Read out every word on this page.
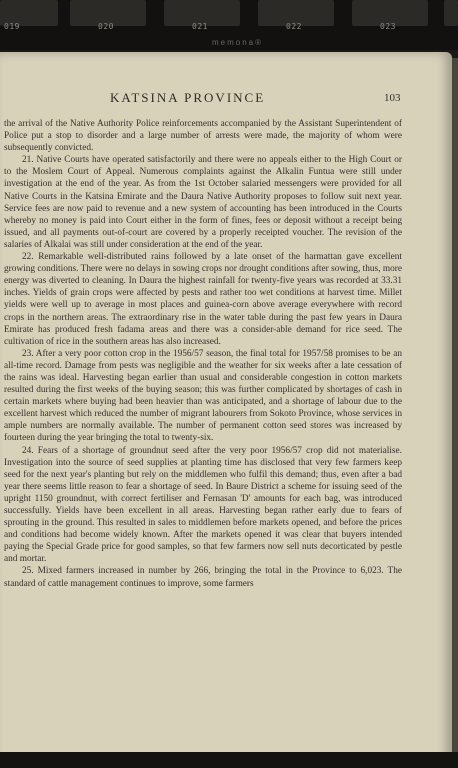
019	020	021	022	023
memona®
KATSINA PROVINCE	103

the arrival of the Native Authority Police reinforcements accompanied by the Assistant Superintendent of Police put a stop to disorder and a large number of arrests were made, the majority of whom were subsequently convicted.

21. Native Courts have operated satisfactorily and there were no appeals either to the High Court or to the Moslem Court of Appeal. Numerous complaints against the Alkalin Funtua were still under investigation at the end of the year. As from the 1st October salaried messengers were provided for all Native Courts in the Katsina Emirate and the Daura Native Authority proposes to follow suit next year. Service fees are now paid to revenue and a new system of accounting has been introduced in the Courts whereby no money is paid into Court either in the form of fines, fees or deposit without a receipt being issued, and all payments out-of-court are covered by a properly receipted voucher. The revision of the salaries of Alkalai was still under consideration at the end of the year.

22. Remarkable well-distributed rains followed by a late onset of the harmattan gave excellent growing conditions. There were no delays in sowing crops nor drought conditions after sowing, thus, more energy was diverted to cleaning. In Daura the highest rainfall for twenty-five years was recorded at 33.31 inches. Yields of grain crops were affected by pests and rather too wet conditions at harvest time. Millet yields were well up to average in most places and guinea-corn above average everywhere with record crops in the northern areas. The extraordinary rise in the water table during the past few years in Daura Emirate has produced fresh fadama areas and there was a consider-able demand for rice seed. The cultivation of rice in the southern areas has also increased.

23. After a very poor cotton crop in the 1956/57 season, the final total for 1957/58 promises to be an all-time record. Damage from pests was negligible and the weather for six weeks after a late cessation of the rains was ideal. Harvesting began earlier than usual and considerable congestion in cotton markets resulted during the first weeks of the buying season; this was further complicated by shortages of cash in certain markets where buying had been heavier than was anticipated, and a shortage of labour due to the excellent harvest which reduced the number of migrant labourers from Sokoto Province, whose services in ample numbers are normally available. The number of permanent cotton seed stores was increased by fourteen during the year bringing the total to twenty-six.

24. Fears of a shortage of groundnut seed after the very poor 1956/57 crop did not materialise. Investigation into the source of seed supplies at planting time has disclosed that very few farmers keep seed for the next year's planting but rely on the middlemen who fulfil this demand; thus, even after a bad year there seems little reason to fear a shortage of seed. In Baure District a scheme for issuing seed of the upright 1150 groundnut, with correct fertiliser and Fernasan 'D' amounts for each bag, was introduced successfully. Yields have been excellent in all areas. Harvesting began rather early due to fears of sprouting in the ground. This resulted in sales to middlemen before markets opened, and before the prices and conditions had become widely known. After the markets opened it was clear that buyers intended paying the Special Grade price for good samples, so that few farmers now sell nuts decorticated by pestle and mortar.

25. Mixed farmers increased in number by 266, bringing the total in the Province to 6,023. The standard of cattle management continues to improve, some farmers
